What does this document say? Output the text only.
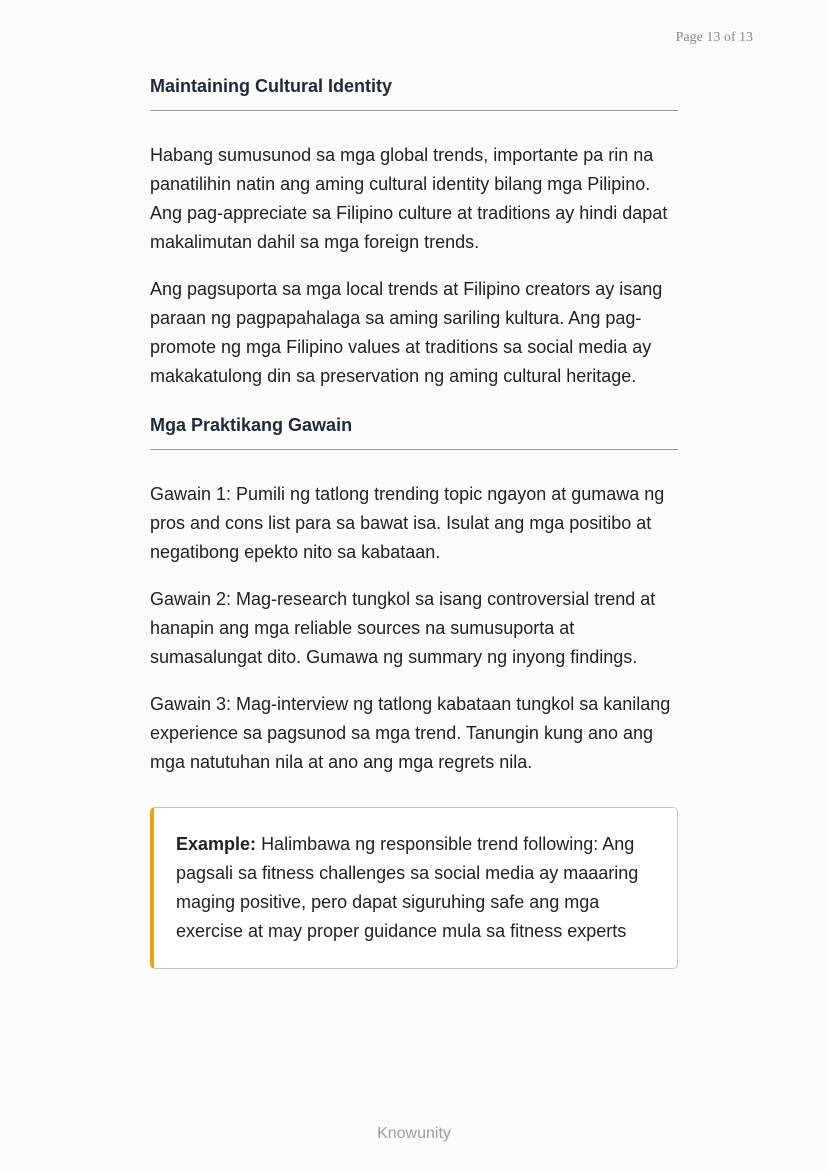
Page 13 of 13
Maintaining Cultural Identity

Habang sumusunod sa mga global trends, importante pa rin na panatilihin natin ang aming cultural identity bilang mga Pilipino. Ang pag-appreciate sa Filipino culture at traditions ay hindi dapat makalimutan dahil sa mga foreign trends.

Ang pagsuporta sa mga local trends at Filipino creators ay isang paraan ng pagpapahalaga sa aming sariling kultura. Ang pag-promote ng mga Filipino values at traditions sa social media ay makakatulong din sa preservation ng aming cultural heritage.

Mga Praktikang Gawain

Gawain 1: Pumili ng tatlong trending topic ngayon at gumawa ng pros and cons list para sa bawat isa. Isulat ang mga positibo at negatibong epekto nito sa kabataan.

Gawain 2: Mag-research tungkol sa isang controversial trend at hanapin ang mga reliable sources na sumusuporta at sumasalungat dito. Gumawa ng summary ng inyong findings.

Gawain 3: Mag-interview ng tatlong kabataan tungkol sa kanilang experience sa pagsunod sa mga trend. Tanungin kung ano ang mga natutuhan nila at ano ang mga regrets nila.

Example: Halimbawa ng responsible trend following: Ang pagsali sa fitness challenges sa social media ay maaaring maging positive, pero dapat siguruhing safe ang mga exercise at may proper guidance mula sa fitness experts

Knowunity
